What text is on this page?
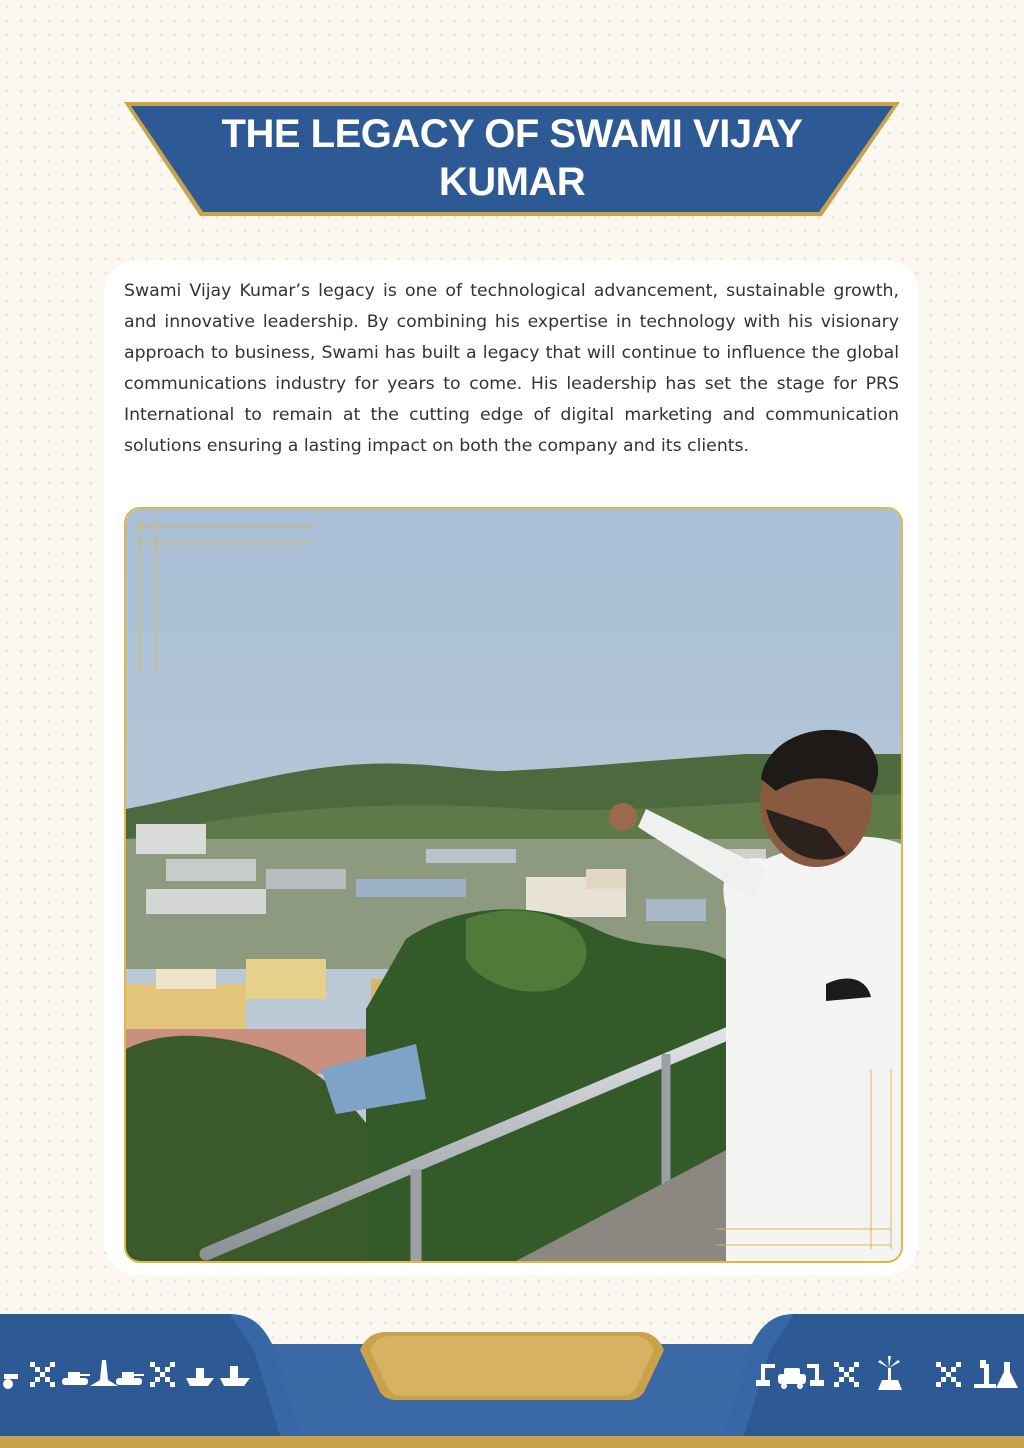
THE LEGACY OF SWAMI VIJAY KUMAR

Swami Vijay Kumar’s legacy is one of technological advancement, sustainable growth, and innovative leadership. By combining his expertise in technology with his visionary approach to business, Swami has built a legacy that will continue to influence the global communications industry for years to come. His leadership has set the stage for PRS International to remain at the cutting edge of digital marketing and communication solutions ensuring a lasting impact on both the company and its clients.
